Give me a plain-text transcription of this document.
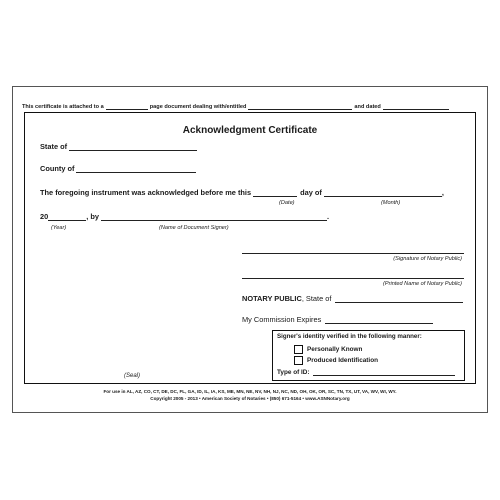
This certificate is attached to a	page document dealing with/entitled	and dated
Acknowledgment Certificate
State of
County of
The foregoing instrument was acknowledged before me this	day of	,
(Date)	(Month)
20	, by	.
(Year)	(Name of Document Signer)
(Signature of Notary Public)
(Printed Name of Notary Public)
NOTARY PUBLIC , State of
My Commission Expires
Signer's identity verified in the following manner:
Personally Known
Produced Identification
Type of ID:
(Seal)
For use in AL, AZ, CO, CT, DE, DC, FL, GA, ID, IL, IA, KS, ME, MN, NE, NV, NH, NJ, NC, ND, OH, OK, OR, SC, TN, TX, UT, VA, WV, WI, WY.
Copyright 2005 - 2013 • American Society of Notaries • (850) 671-5164 • www.ASNNotary.org
